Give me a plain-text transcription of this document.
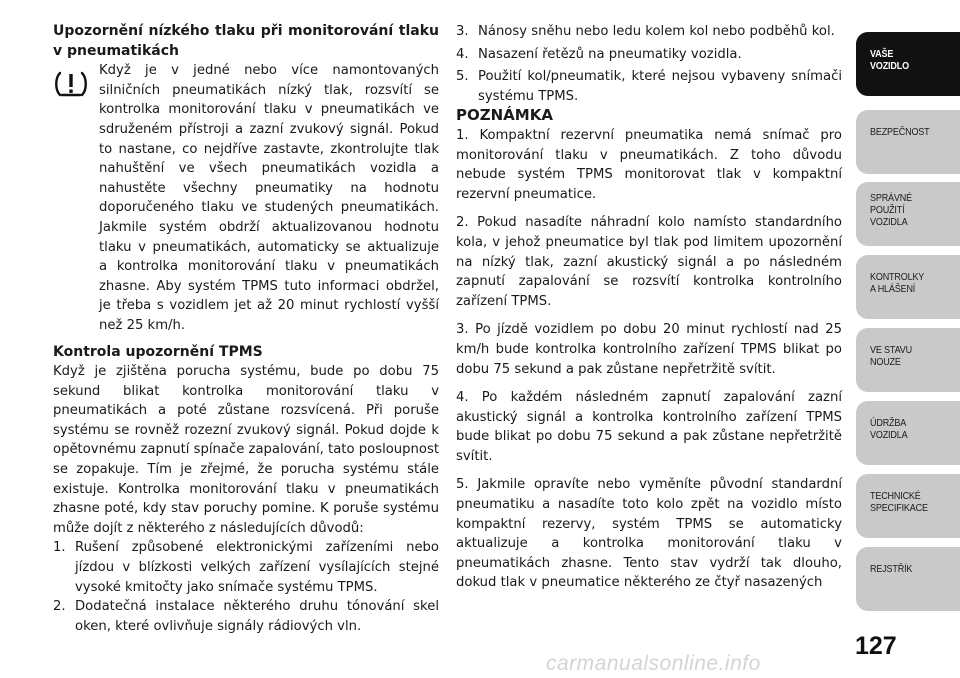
Upozornění nízkého tlaku při monitorování tlaku v pneumatikách

Když je v jedné nebo více namontovaných silničních pneumatikách nízký tlak, rozsvítí se kontrolka monitorování tlaku v pneumatikách ve sdruženém přístroji a zazní zvukový signál. Pokud to nastane, co nejdříve zastavte, zkontrolujte tlak nahuštění ve všech pneumatikách vozidla a nahustěte všechny pneumatiky na hodnotu doporučeného tlaku ve studených pneumatikách. Jakmile systém obdrží aktualizovanou hodnotu tlaku v pneumatikách, automaticky se aktualizuje a kontrolka monitorování tlaku v pneumatikách zhasne. Aby systém TPMS tuto informaci obdržel, je třeba s vozidlem jet až 20 minut rychlostí vyšší než 25 km/h.

Kontrola upozornění TPMS

Když je zjištěna porucha systému, bude po dobu 75 sekund blikat kontrolka monitorování tlaku v pneumatikách a poté zůstane rozsvícená. Při poruše systému se rovněž rozezní zvukový signál. Pokud dojde k opětovnému zapnutí spínače zapalování, tato posloupnost se zopakuje. Tím je zřejmé, že porucha systému stále existuje. Kontrolka monitorování tlaku v pneumatikách zhasne poté, kdy stav poruchy pomine. K poruše systému může dojít z některého z následujících důvodů:

1. Rušení způsobené elektronickými zařízeními nebo jízdou v blízkosti velkých zařízení vysílajících stejné vysoké kmitočty jako snímače systému TPMS.
2. Dodatečná instalace některého druhu tónování skel oken, které ovlivňuje signály rádiových vln.
3. Nánosy sněhu nebo ledu kolem kol nebo podběhů kol.
4. Nasazení řetězů na pneumatiky vozidla.
5. Použití kol/pneumatik, které nejsou vybaveny snímači systému TPMS.

POZNÁMKA

1. Kompaktní rezervní pneumatika nemá snímač pro monitorování tlaku v pneumatikách. Z toho důvodu nebude systém TPMS monitorovat tlak v kompaktní rezervní pneumatice.

2. Pokud nasadíte náhradní kolo namísto standardního kola, v jehož pneumatice byl tlak pod limitem upozornění na nízký tlak, zazní akustický signál a po následném zapnutí zapalování se rozsvítí kontrolka kontrolního zařízení TPMS.

3. Po jízdě vozidlem po dobu 20 minut rychlostí nad 25 km/h bude kontrolka kontrolního zařízení TPMS blikat po dobu 75 sekund a pak zůstane nepřetržitě svítit.

4. Po každém následném zapnutí zapalování zazní akustický signál a kontrolka kontrolního zařízení TPMS bude blikat po dobu 75 sekund a pak zůstane nepřetržitě svítit.

5. Jakmile opravíte nebo vyměníte původní standardní pneumatiku a nasadíte toto kolo zpět na vozidlo místo kompaktní rezervy, systém TPMS se automaticky aktualizuje a kontrolka monitorování tlaku v pneumatikách zhasne. Tento stav vydrží tak dlouho, dokud tlak v pneumatice některého ze čtyř nasazených

VAŠE
VOZIDLO
BEZPEČNOST
SPRÁVNÉ
POUŽITÍ
VOZIDLA
KONTROLKY
A HLÁŠENÍ
VE STAVU
NOUZE
ÚDRŽBA
VOZIDLA
TECHNICKÉ
SPECIFIKACE
REJSTŘÍK
127
carmanualsonline.info
